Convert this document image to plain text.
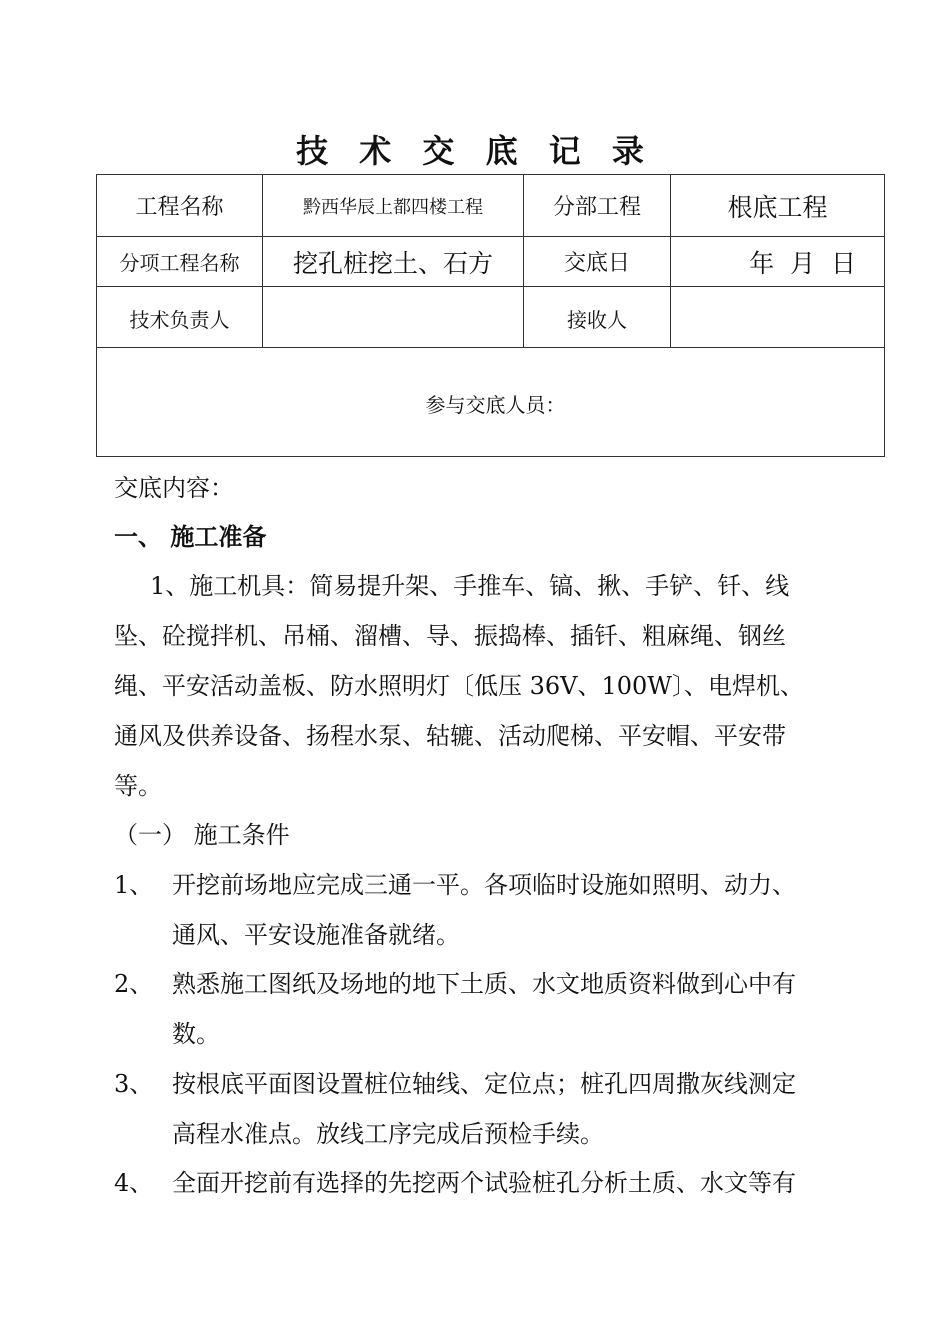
技 术 交 底 记 录
工程名称	黔西华辰上都四楼工程	分部工程	根底工程
分项工程名称	挖孔桩挖土、石方	交底日	年  月  日
技术负责人		接收人	
参与交底人员：			
交底内容：
一、 施工准备
1、施工机具：简易提升架、手推车、镐、揪、手铲、钎、线
坠、砼搅拌机、吊桶、溜槽、导、振捣棒、插钎、粗麻绳、钢丝
绳、平安活动盖板、防水照明灯〔低压 36V、100W〕、电焊机、
通风及供养设备、扬程水泵、轱辘、活动爬梯、平安帽、平安带
等。
（一） 施工条件
1、 开挖前场地应完成三通一平。各项临时设施如照明、动力、
通风、平安设施准备就绪。
2、 熟悉施工图纸及场地的地下土质、水文地质资料做到心中有
数。
3、 按根底平面图设置桩位轴线、定位点；桩孔四周撒灰线测定
高程水准点。放线工序完成后预检手续。
4、 全面开挖前有选择的先挖两个试验桩孔分析土质、水文等有
